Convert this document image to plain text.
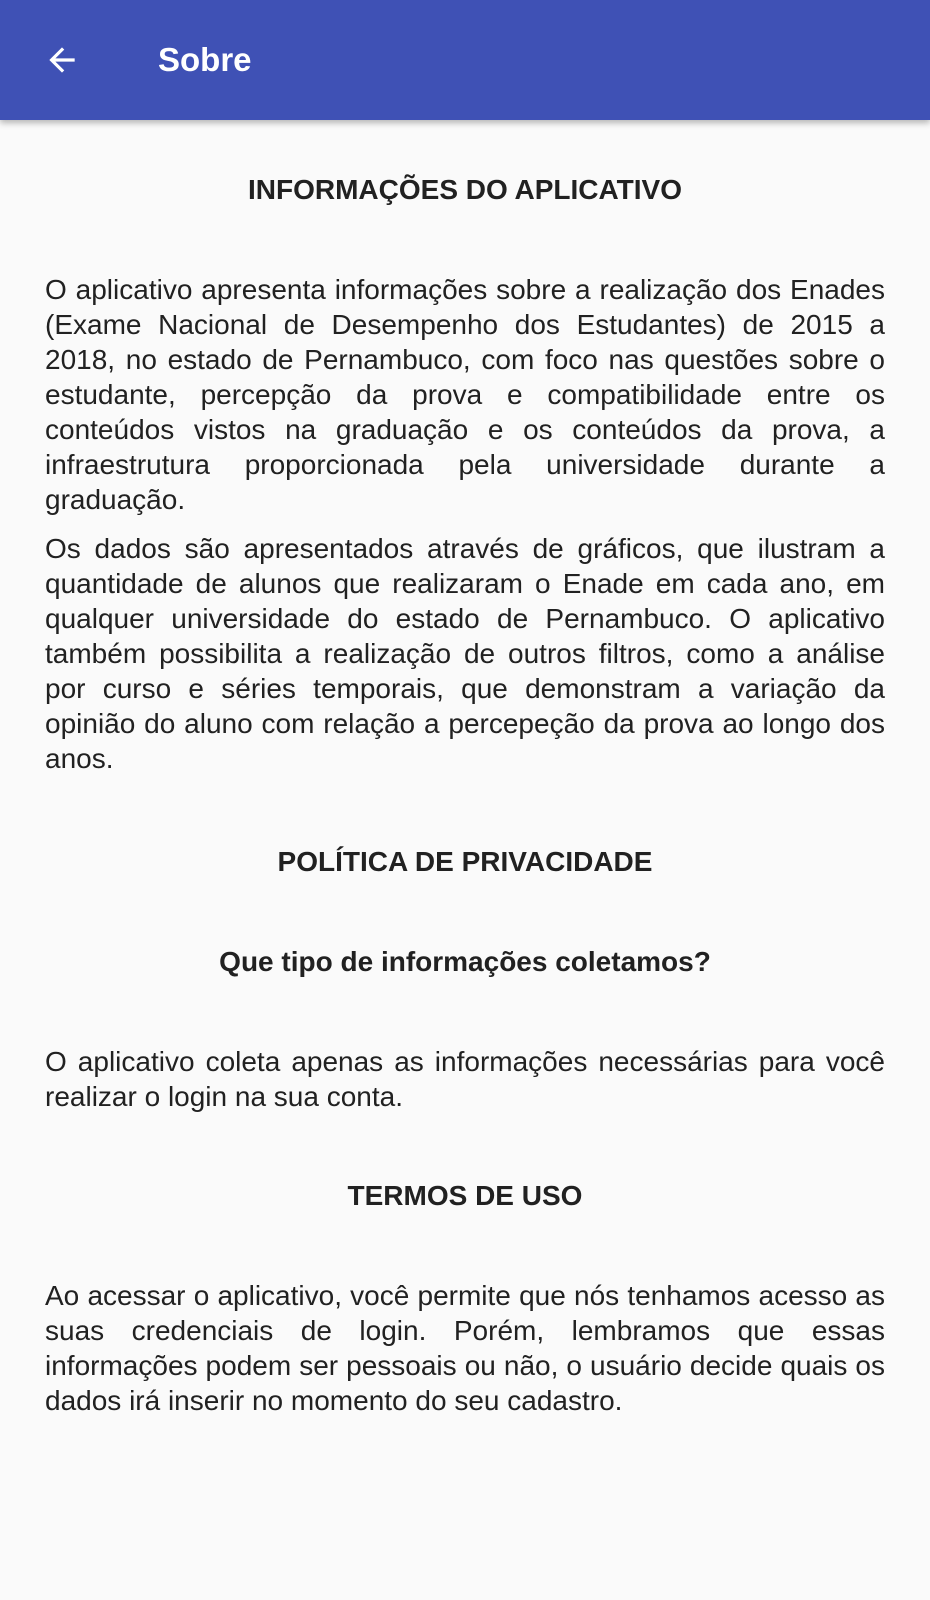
Sobre
INFORMAÇÕES DO APLICATIVO

O aplicativo apresenta informações sobre a realização dos Enades (Exame Nacional de Desempenho dos Estudantes) de 2015 a 2018, no estado de Pernambuco, com foco nas questões sobre o estudante, percepção da prova e compatibilidade entre os conteúdos vistos na graduação e os conteúdos da prova, a infraestrutura proporcionada pela universidade durante a graduação.

Os dados são apresentados através de gráficos, que ilustram a quantidade de alunos que realizaram o Enade em cada ano, em qualquer universidade do estado de Pernambuco. O aplicativo também possibilita a realização de outros filtros, como a análise por curso e séries temporais, que demonstram a variação da opinião do aluno com relação a percepeção da prova ao longo dos anos.

POLÍTICA DE PRIVACIDADE
Que tipo de informações coletamos?

O aplicativo coleta apenas as informações necessárias para você realizar o login na sua conta.

TERMOS DE USO

Ao acessar o aplicativo, você permite que nós tenhamos acesso as suas credenciais de login. Porém, lembramos que essas informações podem ser pessoais ou não, o usuário decide quais os dados irá inserir no momento do seu cadastro.
